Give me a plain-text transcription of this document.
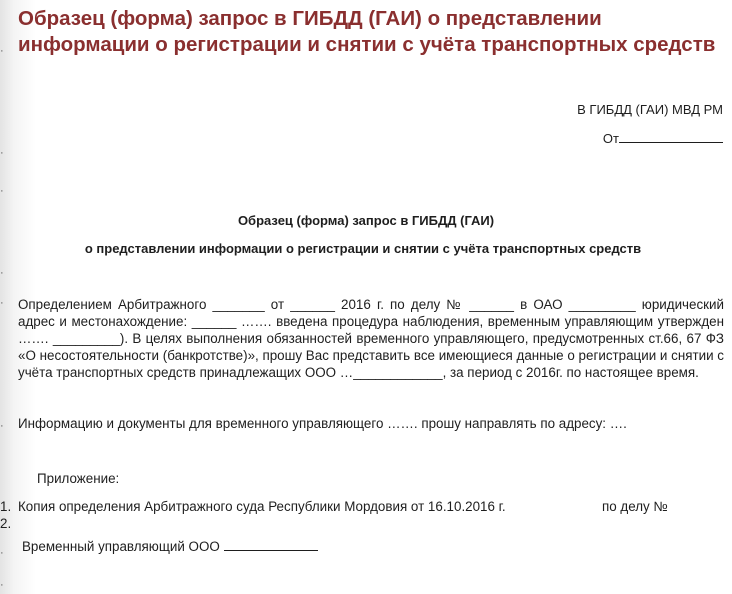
Образец (форма) запрос в ГИБДД (ГАИ) о представлении информации о регистрации и снятии с учёта транспортных средств
·
·
·
·
·
·
·
·
В ГИБДД (ГАИ) МВД РМ
От

Образец (форма) запрос в ГИБДД (ГАИ)

о представлении информации о регистрации и снятии с учёта транспортных средств

Определением Арбитражного _______ от ______ 2016 г. по делу № ______ в ОАО _________ юридический адрес и местонахождение: ______ ……. введена процедура наблюдения, временным управляющим утвержден ……. _________). В целях выполнения обязанностей временного управляющего, предусмотренных ст.66, 67 ФЗ «О несостоятельности (банкротстве)», прошу Вас представить все имеющиеся данные о регистрации и снятии с учёта транспортных средств принадлежащих ООО …____________, за период с 2016г. по настоящее время.

Информацию и документы для временного управляющего ……. прошу направлять по адресу: ….

Приложение:

1. Копия определения Арбитражного суда Республики Мордовия от 16.10.2016 г.	по делу №

2.

Временный управляющий ООО
